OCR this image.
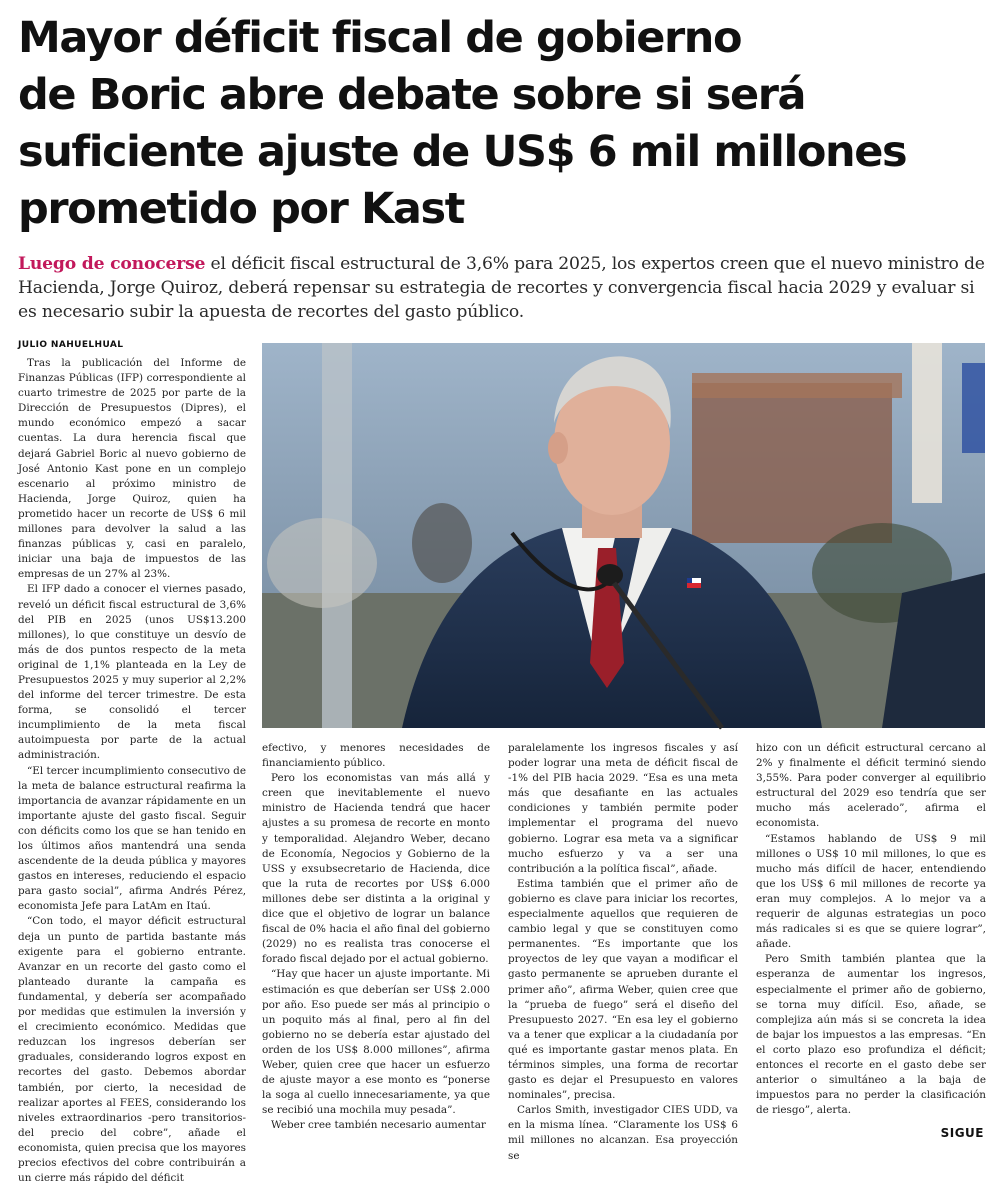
Mayor déficit fiscal de gobierno
de Boric abre debate sobre si será
suficiente ajuste de US$ 6 mil millones
prometido por Kast

Luego de conocerse el déficit fiscal estructural de 3,6% para 2025, los expertos creen que el nuevo ministro de Hacienda, Jorge Quiroz, deberá repensar su estrategia de recortes y convergencia fiscal hacia 2029 y evaluar si es necesario subir la apuesta de recortes del gasto público.

JULIO NAHUELHUAL

Tras la publicación del Informe de Finanzas Públicas (IFP) correspondiente al cuarto trimestre de 2025 por parte de la Dirección de Presupuestos (Dipres), el mundo económico empezó a sacar cuentas. La dura herencia fiscal que dejará Gabriel Boric al nuevo gobierno de José Antonio Kast pone en un complejo escenario al próximo ministro de Hacienda, Jorge Quiroz, quien ha prometido hacer un recorte de US$ 6 mil millones para devolver la salud a las finanzas públicas y, casi en paralelo, iniciar una baja de impuestos de las empresas de un 27% al 23%.

El IFP dado a conocer el viernes pasado, reveló un déficit fiscal estructural de 3,6% del PIB en 2025 (unos US$13.200 millones), lo que constituye un desvío de más de dos puntos respecto de la meta original de 1,1% planteada en la Ley de Presupuestos 2025 y muy superior al 2,2% del informe del tercer trimestre. De esta forma, se consolidó el tercer incumplimiento de la meta fiscal autoimpuesta por parte de la actual administración.

“El tercer incumplimiento consecutivo de la meta de balance estructural reafirma la importancia de avanzar rápidamente en un importante ajuste del gasto fiscal. Seguir con déficits como los que se han tenido en los últimos años mantendrá una senda ascendente de la deuda pública y mayores gastos en intereses, reduciendo el espacio para gasto social”, afirma Andrés Pérez, economista Jefe para LatAm en Itaú.

“Con todo, el mayor déficit estructural deja un punto de partida bastante más exigente para el gobierno entrante. Avanzar en un recorte del gasto como el planteado durante la campaña es fundamental, y debería ser acompañado por medidas que estimulen la inversión y el crecimiento económico. Medidas que reduzcan los ingresos deberían ser graduales, considerando logros expost en recortes del gasto. Debemos abordar también, por cierto, la necesidad de realizar aportes al FEES, considerando los niveles extraordinarios -pero transitorios- del precio del cobre”, añade el economista, quien precisa que los mayores precios efectivos del cobre contribuirán a un cierre más rápido del déficit

efectivo, y menores necesidades de financiamiento público.

Pero los economistas van más allá y creen que inevitablemente el nuevo ministro de Hacienda tendrá que hacer ajustes a su promesa de recorte en monto y temporalidad. Alejandro Weber, decano de Economía, Negocios y Gobierno de la USS y exsubsecretario de Hacienda, dice que la ruta de recortes por US$ 6.000 millones debe ser distinta a la original y dice que el objetivo de lograr un balance fiscal de 0% hacia el año final del gobierno (2029) no es realista tras conocerse el forado fiscal dejado por el actual gobierno.

“Hay que hacer un ajuste importante. Mi estimación es que deberían ser US$ 2.000 por año. Eso puede ser más al principio o un poquito más al final, pero al fin del gobierno no se debería estar ajustado del orden de los US$ 8.000 millones”, afirma Weber, quien cree que hacer un esfuerzo de ajuste mayor a ese monto es “ponerse la soga al cuello innecesariamente, ya que se recibió una mochila muy pesada”.

Weber cree también necesario aumentar

paralelamente los ingresos fiscales y así poder lograr una meta de déficit fiscal de -1% del PIB hacia 2029. “Esa es una meta más que desafiante en las actuales condiciones y también permite poder implementar el programa del nuevo gobierno. Lograr esa meta va a significar mucho esfuerzo y va a ser una contribución a la política fiscal”, añade.

Estima también que el primer año de gobierno es clave para iniciar los recortes, especialmente aquellos que requieren de cambio legal y que se constituyen como permanentes. “Es importante que los proyectos de ley que vayan a modificar el gasto permanente se aprueben durante el primer año”, afirma Weber, quien cree que la “prueba de fuego” será el diseño del Presupuesto 2027. “En esa ley el gobierno va a tener que explicar a la ciudadanía por qué es importante gastar menos plata. En términos simples, una forma de recortar gasto es dejar el Presupuesto en valores nominales”, precisa.

Carlos Smith, investigador CIES UDD, va en la misma línea. “Claramente los US$ 6 mil millones no alcanzan. Esa proyección se

hizo con un déficit estructural cercano al 2% y finalmente el déficit terminó siendo 3,55%. Para poder converger al equilibrio estructural del 2029 eso tendría que ser mucho más acelerado”, afirma el economista.

“Estamos hablando de US$ 9 mil millones o US$ 10 mil millones, lo que es mucho más difícil de hacer, entendiendo que los US$ 6 mil millones de recorte ya eran muy complejos. A lo mejor va a requerir de algunas estrategias un poco más radicales si es que se quiere lograr”, añade.

Pero Smith también plantea que la esperanza de aumentar los ingresos, especialmente el primer año de gobierno, se torna muy difícil. Eso, añade, se complejiza aún más si se concreta la idea de bajar los impuestos a las empresas. “En el corto plazo eso profundiza el déficit; entonces el recorte en el gasto debe ser anterior o simultáneo a la baja de impuestos para no perder la clasificación de riesgo”, alerta.

SIGUE
